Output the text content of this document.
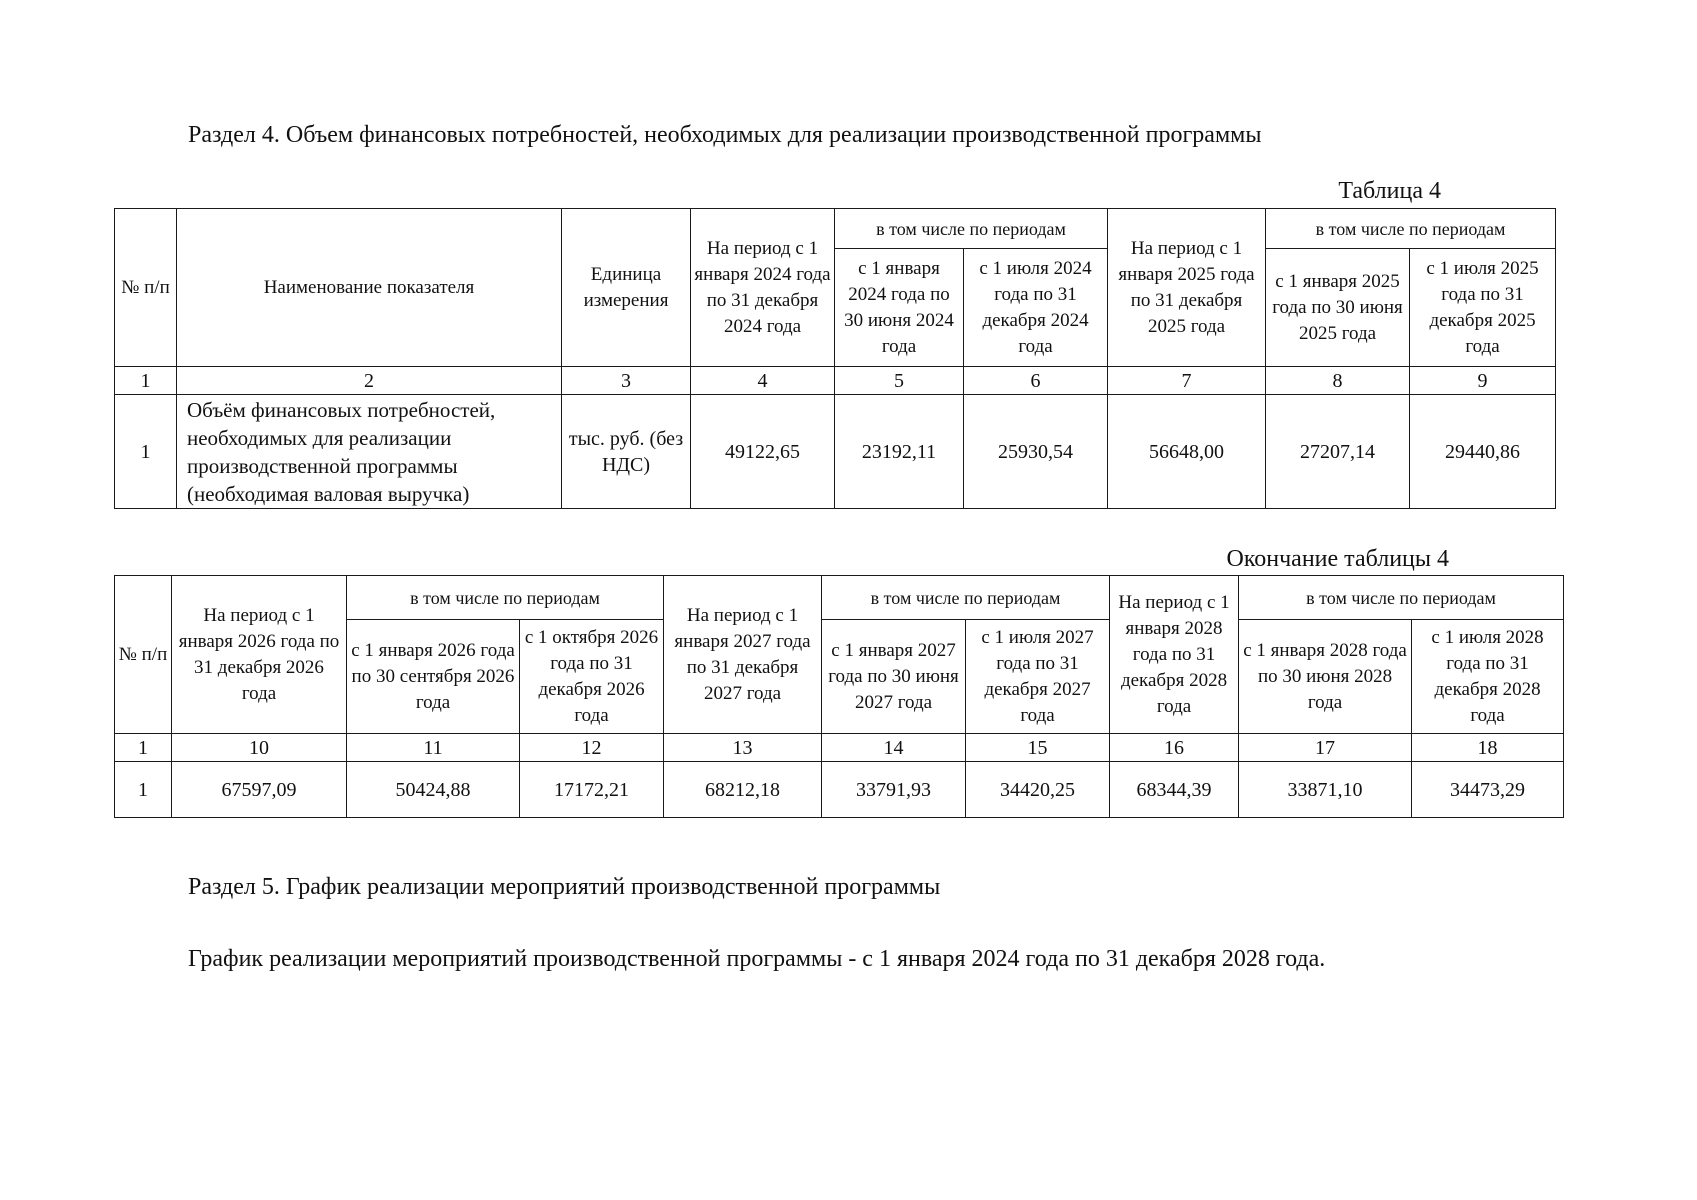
Раздел 4. Объем финансовых потребностей, необходимых для реализации производственной программы

Таблица 4

№ п/п	Наименование показателя	Единица измерения	На период с 1 января 2024 года по 31 декабря 2024 года	в том числе по периодам		На период с 1 января 2025 года по 31 декабря 2025 года	в том числе по периодам	
				с 1 января 2024 года по 30 июня 2024 года	с 1 июля 2024 года по 31 декабря 2024 года		с 1 января 2025 года по 30 июня 2025 года	с 1 июля 2025 года по 31 декабря 2025 года
1	2	3	4	5	6	7	8	9
1	Объём финансовых потребностей, необходимых для реализации производственной программы (необходимая валовая выручка)	тыс. руб. (без НДС)	49122,65	23192,11	25930,54	56648,00	27207,14	29440,86

Окончание таблицы 4

№ п/п	На период с 1 января 2026 года по 31 декабря 2026 года	в том числе по периодам		На период с 1 января 2027 года по 31 декабря 2027 года	в том числе по периодам		На период с 1 января 2028 года по 31 декабря 2028 года	в том числе по периодам	
		с 1 января 2026 года по 30 сентября 2026 года	с 1 октября 2026 года по 31 декабря 2026 года		с 1 января 2027 года по 30 июня 2027 года	с 1 июля 2027 года по 31 декабря 2027 года		с 1 января 2028 года по 30 июня 2028 года	с 1 июля 2028 года по 31 декабря 2028 года
1	10	11	12	13	14	15	16	17	18
1	67597,09	50424,88	17172,21	68212,18	33791,93	34420,25	68344,39	33871,10	34473,29
Раздел 5. График реализации мероприятий производственной программы

График реализации мероприятий производственной программы - с 1 января 2024 года по 31 декабря 2028 года.
